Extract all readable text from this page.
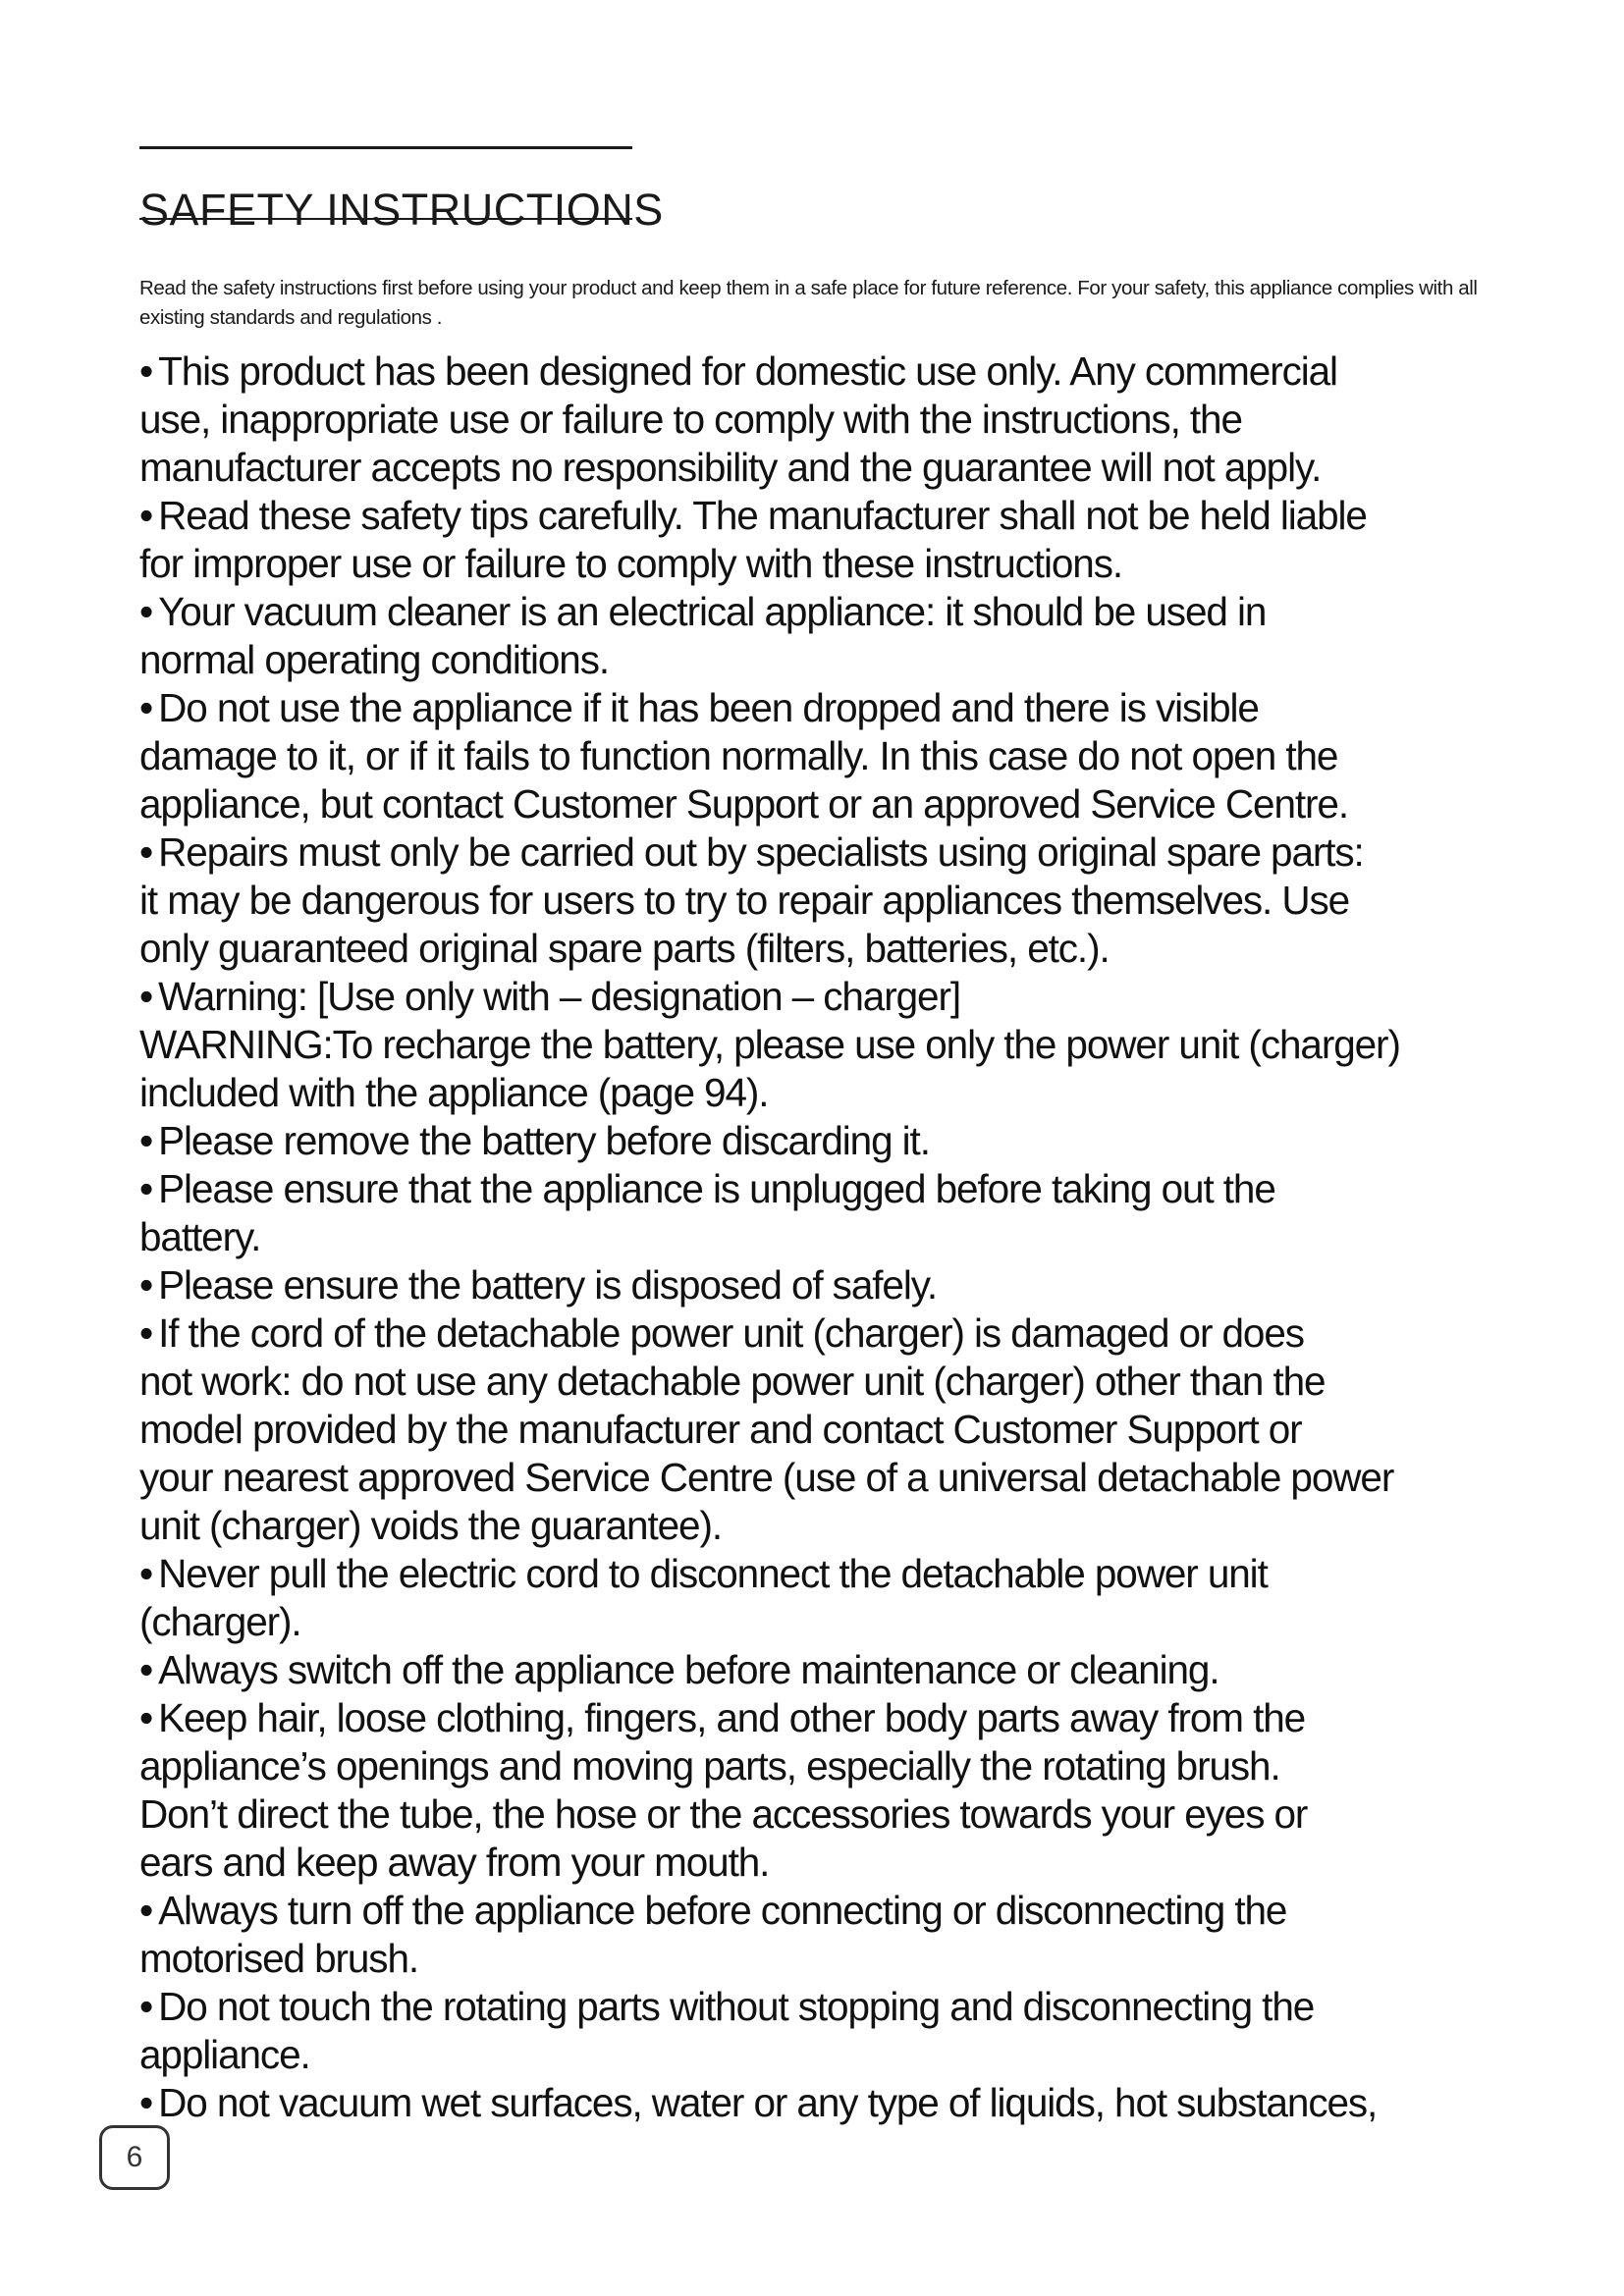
SAFETY INSTRUCTIONS

Read the safety instructions first before using your product and keep them in a safe place for future reference. For your safety, this appliance complies with all existing standards and regulations .

• This product has been designed for domestic use only. Any commercial
use, inappropriate use or failure to comply with the instructions, the
manufacturer accepts no responsibility and the guarantee will not apply.
• Read these safety tips carefully. The manufacturer shall not be held liable
for improper use or failure to comply with these instructions.
• Your vacuum cleaner is an electrical appliance: it should be used in
normal operating conditions.
• Do not use the appliance if it has been dropped and there is visible
damage to it, or if it fails to function normally. In this case do not open the
appliance, but contact Customer Support or an approved Service Centre.
• Repairs must only be carried out by specialists using original spare parts:
it may be dangerous for users to try to repair appliances themselves. Use
only guaranteed original spare parts (filters, batteries, etc.).
• Warning: [Use only with – designation – charger]
WARNING:To recharge the battery, please use only the power unit (charger)
included with the appliance (page 94).
• Please remove the battery before discarding it.
• Please ensure that the appliance is unplugged before taking out the
battery.
• Please ensure the battery is disposed of safely.
• If the cord of the detachable power unit (charger) is damaged or does
not work: do not use any detachable power unit (charger) other than the
model provided by the manufacturer and contact Customer Support or
your nearest approved Service Centre (use of a universal detachable power
unit (charger) voids the guarantee).
• Never pull the electric cord to disconnect the detachable power unit
(charger).
• Always switch off the appliance before maintenance or cleaning.
• Keep hair, loose clothing, fingers, and other body parts away from the
appliance’s openings and moving parts, especially the rotating brush.
Don’t direct the tube, the hose or the accessories towards your eyes or
ears and keep away from your mouth.
• Always turn off the appliance before connecting or disconnecting the
motorised brush.
• Do not touch the rotating parts without stopping and disconnecting the
appliance.
• Do not vacuum wet surfaces, water or any type of liquids, hot substances,
6
